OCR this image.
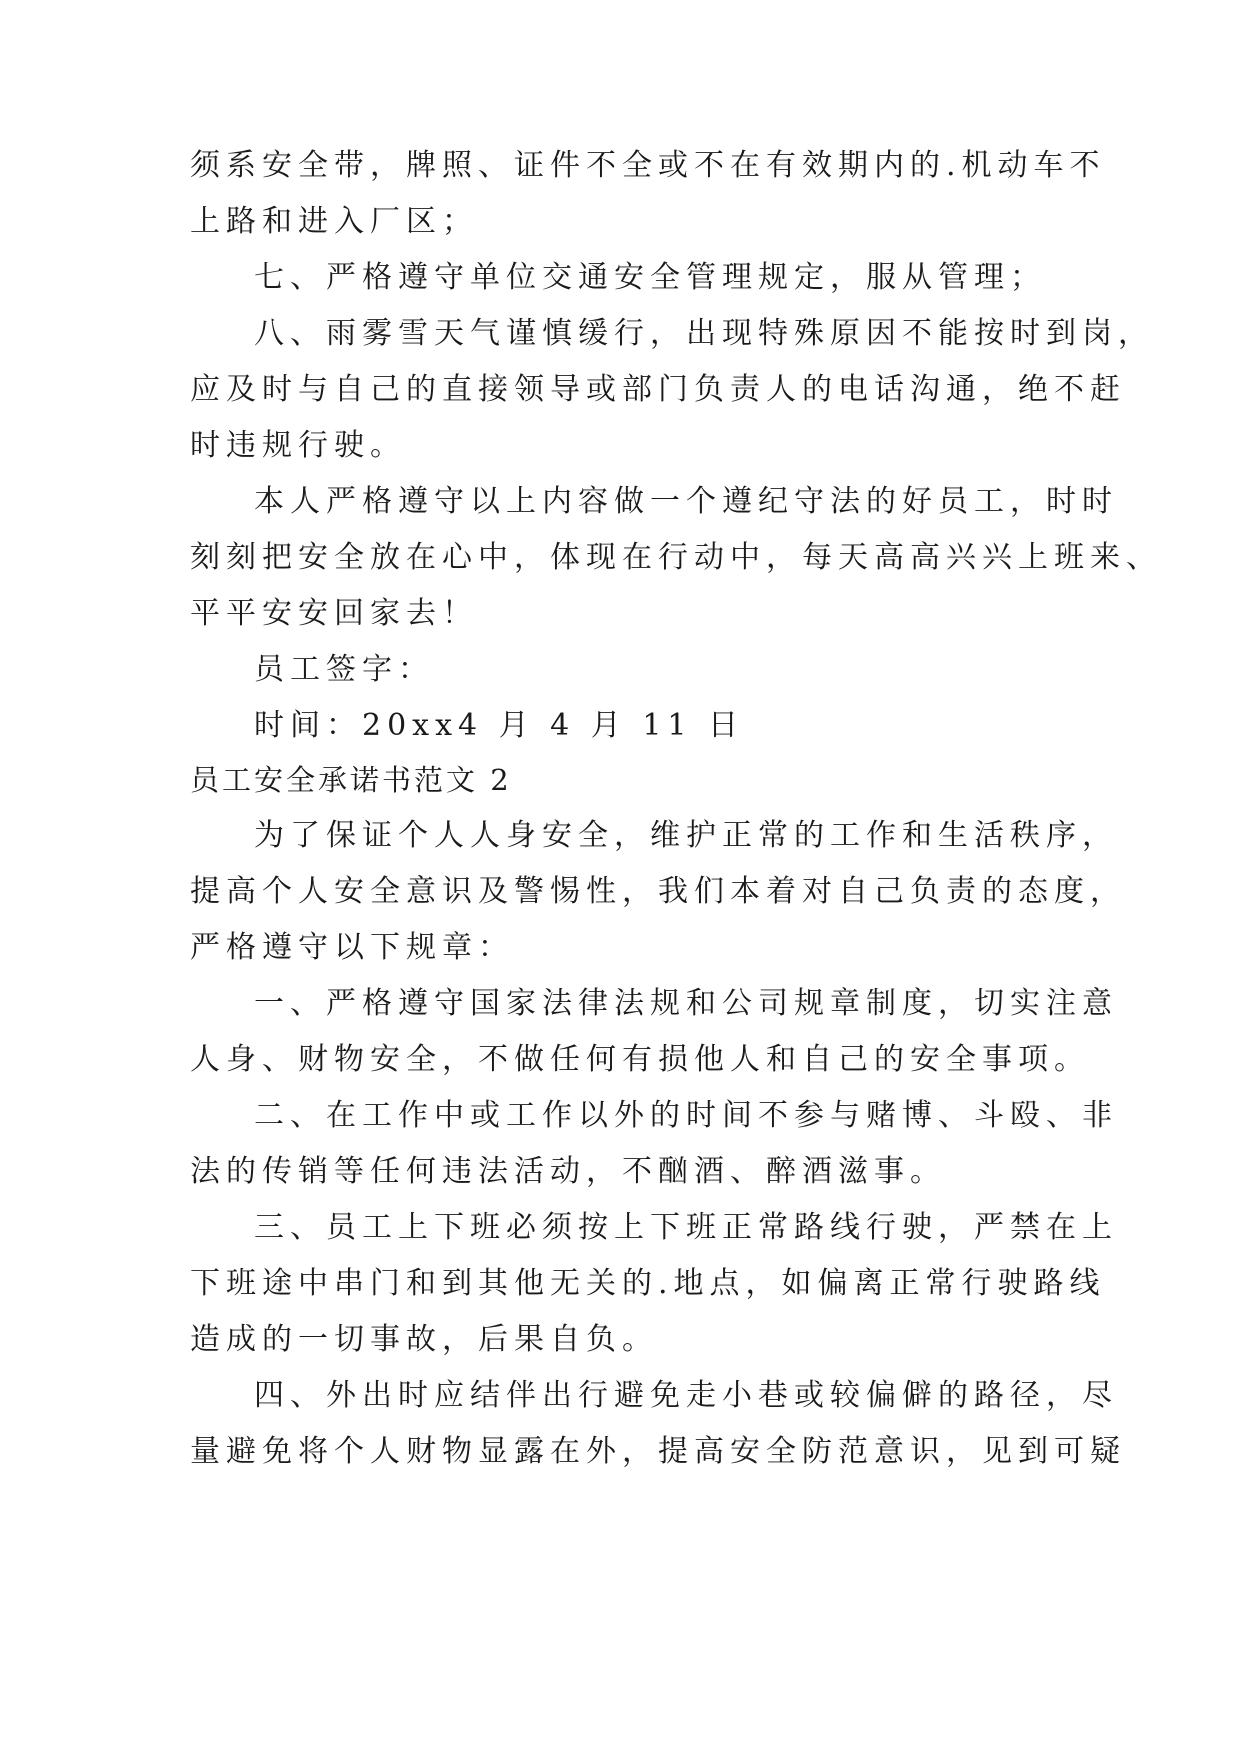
须系安全带，牌照、证件不全或不在有效期内的.机动车不
上路和进入厂区；
七、严格遵守单位交通安全管理规定，服从管理；
八、雨雾雪天气谨慎缓行，出现特殊原因不能按时到岗，
应及时与自己的直接领导或部门负责人的电话沟通，绝不赶
时违规行驶。
本人严格遵守以上内容做一个遵纪守法的好员工，时时
刻刻把安全放在心中，体现在行动中，每天高高兴兴上班来、
平平安安回家去！
员工签字：
时间：20xx4 月 4 月 11 日
员工安全承诺书范文 2
为了保证个人人身安全，维护正常的工作和生活秩序，
提高个人安全意识及警惕性，我们本着对自己负责的态度，
严格遵守以下规章：
一、严格遵守国家法律法规和公司规章制度，切实注意
人身、财物安全，不做任何有损他人和自己的安全事项。
二、在工作中或工作以外的时间不参与赌博、斗殴、非
法的传销等任何违法活动，不酗酒、醉酒滋事。
三、员工上下班必须按上下班正常路线行驶，严禁在上
下班途中串门和到其他无关的.地点，如偏离正常行驶路线
造成的一切事故，后果自负。
四、外出时应结伴出行避免走小巷或较偏僻的路径，尽
量避免将个人财物显露在外，提高安全防范意识，见到可疑
